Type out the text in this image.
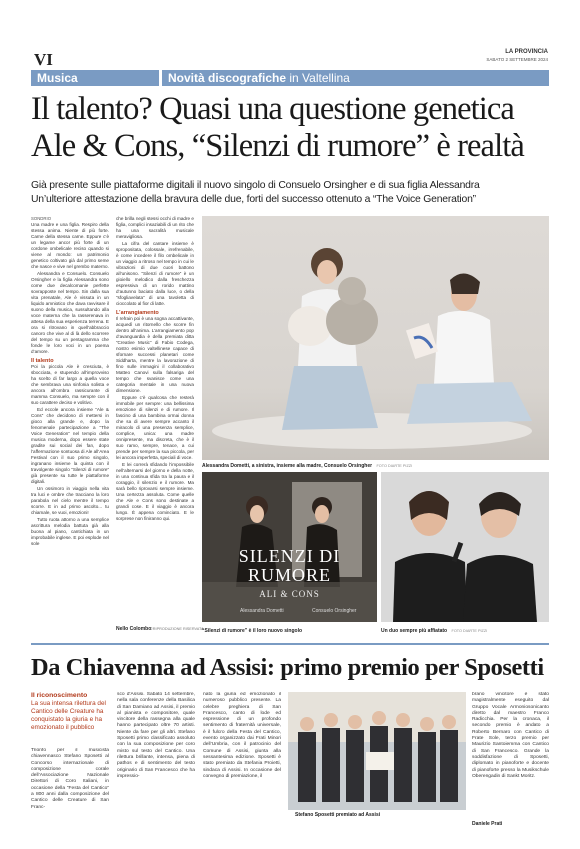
VI	LA PROVINCIA
SABATO 2 SETTEMBRE 2024
Musica	Novità discografiche in Valtellina
Il talento? Quasi una questione genetica
Ale & Cons, “Silenzi di rumore” è realtà
Già presente sulle piattaforme digitali il nuovo singolo di Consuelo Orsingher e di sua figlia Alessandra
Un’ulteriore attestazione della bravura delle due, forti del successo ottenuto a “The Voice Generation”
SONDRIO

Una madre e una figlia. Respiro della stessa anima. Niente di più forte. Carne della stessa carne. Eppure c’è un legame ancor più forte di un cordone ombelicale reciso quando si viene al mondo: un patrimonio genetico coltivato già dal primo seme che nasce e vive nel grembo materno.

Alessandra e Consuelo. Consuelo Orsingher e la figlia Alessandra sono come due decalcomanie perfette sovrapposte nel tempo. Sin dalla sua vita prenatale, Ale è vissuta in un liquido amniotico che dava ravvisare il suono della musica, sussultando alla voce materna che la rasserenava in attesa della sua esperienza terrena. E ora si ritrovano in quell’abbraccio canoro che vive al di là dello scorrere del tempo su un pentagramma che fonde le loro voci in un poema d’amore.

Il talento

Poi la piccola Ale è cresciuta, è sbocciata, e stupendo all’improvviso ha scelto di far largo a quella voce che sembrava una sinfonia solista e ancora all’ombra rassicurante di mamma Consuelo, ma sempre con il suo carattere deciso e volitivo.

Ed eccole ancora insieme “Ale & Cons” che decidono di mettersi in gioco alla grande e, dopo la fenomenale partecipazione a “The Voice Generation” nel tempio della musica moderna, dopo essere state gradite sui social dei fan, dopo l’affermazione sontuosa di Ale all’Area Festival con il suo primo singolo, ingranano insieme la quinta con il travolgente singolo “Silenzi di rumore” già presente su tutte le piattaforme digitali.

Un ossimoro in viaggio nella vita tra luci e ombre che tracciano la loro parabola nel cielo mentre il tempo scorre. E in ad primo ascolto... tu chiamale, se vuoi, emozioni!

Tutto ruota attorno a una semplice ascrittura melodia battuta già alla buona al piano, cantichiata in un improbabile inglese. E poi esplode nel sole

che brilla negli stessi occhi di madre e figlia, complici insaziabili di un rito che ha una sacralità musicale meravigliosa.

La cifra del cantare insieme è spropositata, colossale, irrefrenabile, è come incedere il filo ombelicale in un viaggio a ritroso nel tempo in cui le vibrazioni di due cuori battono all’unisono. “Silenzi di rumore” è un gioiello melodico dalla freschezza espressiva di un rorido mattino d’autunno baciato dalla luce, o della “sfogliavelata” di una tavoletta di cioccolato al fior di latte.

L’arrangiamento

Il refrain poi è una sogna accattivante, acquedì un ritornello che scorre fin dentro all’anima. L’arrangiamento pop d’avanguardia è della premiata ditta “Creative Music” di Fabio Codega, nostro esimio valtellinese capace di sfornare successi planetari come Siddharta, mentre la lavorazione di fino sulle immagini il collaborativo Matteo Canovi sulla falsariga del tempo che svanisce come una categoria mentale in una nuova dimensione.

Eppure c’è qualcosa che resterà immobile per sempre: una bellissima emozione di silenzi e di rumore. Il fascino di una bambina ormai donna che sa di avere sempre accanto il miracolo di una presenza semplice, complice, unica: una madre onnipresente, ma discreta, che è il suo ramo, sempre, tenace, a cui prende per sempre la sua piccola, per lei ancora imperfetta, speciali di voce.

E lei correrà sfidando l’impossibile nell’alternarsi del giorno e della notte, in una continua sfida tra la paura e il coraggio, il silenzio e il rumore. Ma sarà bello riprovarsi sempre insieme. Una certezza assoluta. Come quelle che Ale e Cons sono destinate a grandi cose. E il viaggio è ancora lungo. È appena cominciato. E le sorprese non finiranno qui.

Nello Colombo
©RIPRODUZIONE RISERVATA
Alessandra Dometti, a sinistra, insieme alla madre, Consuelo Orsingher FOTO DIARTE PIZZI
SILENZI DI
RUMORE
ALI & CONS
Alessandra Dometti	Consuelo Orsingher
“Silenzi di rumore” è il loro nuovo singolo	Un duo sempre più affiatato FOTO DIARTE PIZZI
Da Chiavenna ad Assisi: primo premio per Sposetti
Il riconoscimento
La sua intensa rilettura del Cantico delle Creature ha conquistato la giuria e ha emozionato il pubblico
Trionfo per il musicista chiavennasco Stefano Sposetti al Concorso internazionale di composizione corale dell’Associazione Nazionale Direttori di Coro Italiani, in occasione della “Festa del Cantico” a 800 anni dalla composizione del Cantico delle Creature di San Franc-
sco d’Assisi. Sabato 14 settembre, nella sala conferenze della Basilica di San Damiano ad Assisi, il premio al pianista e compositore, quale vincitore della rassegna alla quale hanno partecipato oltre 70 artisti. Niente da fare per gli altri. Stefano Sposetti primo classificato assoluto con la sua composizione per coro misto sul testo del Cantico. Una rilettura brillante, intensa, piena di pathos e di sentimento del testo originario di San Francesco che ha impressio-
nato la giuria ed emozionato il numeroso pubblico presente. La celebre preghiera di San Francesco, canto di lode ed espressione di un profondo sentimento di fraternità universale, è il fulcro della Festa del Cantico, evento organizzato dai Frati Minori dell’Umbria, con il patrocinio del Comune di Assisi, giunta alla sessantesima edizione. Sposetti è stato premiato da Stefania Proietti, sindaca di Assisi. In occasione del convegno di premiazione, il
Stefano Sposetti premiato ad Assisi
brano vincitore è stato magistralmente eseguito dal Gruppo Vocale Armoniosonicanto diretto dal maestro Franco Radicchia. Per la cronaca, il secondo premio è andato a Roberto Bernaro con Cantico di Frate Sole, terzo premio per Maurizio Santoiemma con Cantico di San Francesco. Grande la soddisfazione di Sposetti, diplomato in pianoforte e docente di pianoforte presso la Musikschule Oberengadin di Sankt Moritz.
Daniele Prati
